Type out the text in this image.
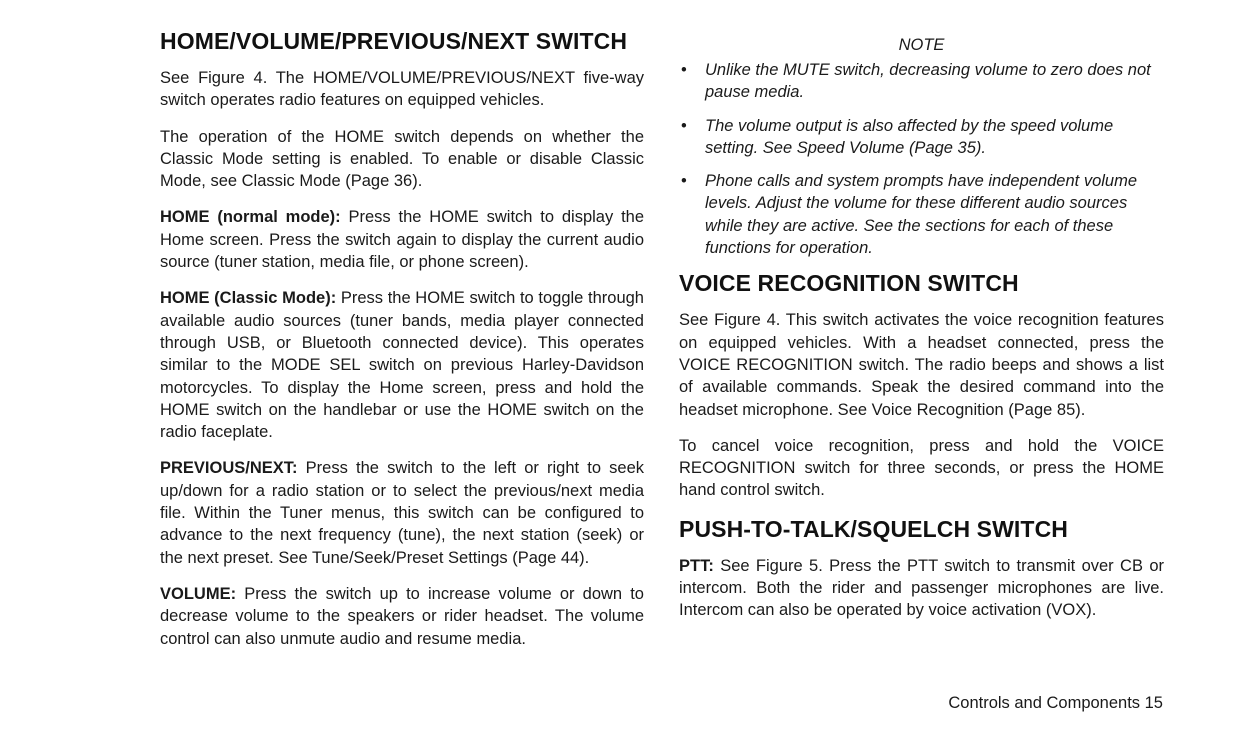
HOME/VOLUME/PREVIOUS/NEXT SWITCH

See Figure 4. The HOME/VOLUME/PREVIOUS/NEXT five-way switch operates radio features on equipped vehicles.

The operation of the HOME switch depends on whether the Classic Mode setting is enabled. To enable or disable Classic Mode, see Classic Mode (Page 36).

HOME (normal mode): Press the HOME switch to display the Home screen. Press the switch again to display the current audio source (tuner station, media file, or phone screen).

HOME (Classic Mode): Press the HOME switch to toggle through available audio sources (tuner bands, media player connected through USB, or Bluetooth connected device). This operates similar to the MODE SEL switch on previous Harley-Davidson motorcycles. To display the Home screen, press and hold the HOME switch on the handlebar or use the HOME switch on the radio faceplate.

PREVIOUS/NEXT: Press the switch to the left or right to seek up/down for a radio station or to select the previous/next media file. Within the Tuner menus, this switch can be configured to advance to the next frequency (tune), the next station (seek) or the next preset. See Tune/Seek/Preset Settings (Page 44).

VOLUME: Press the switch up to increase volume or down to decrease volume to the speakers or rider headset. The volume control can also unmute audio and resume media.

NOTE
• Unlike the MUTE switch, decreasing volume to zero does not pause media.
• The volume output is also affected by the speed volume setting. See Speed Volume (Page 35).
• Phone calls and system prompts have independent volume levels. Adjust the volume for these different audio sources while they are active. See the sections for each of these functions for operation.
VOICE RECOGNITION SWITCH

See Figure 4. This switch activates the voice recognition features on equipped vehicles. With a headset connected, press the VOICE RECOGNITION switch. The radio beeps and shows a list of available commands. Speak the desired command into the headset microphone. See Voice Recognition (Page 85).

To cancel voice recognition, press and hold the VOICE RECOGNITION switch for three seconds, or press the HOME hand control switch.

PUSH-TO-TALK/SQUELCH SWITCH

PTT: See Figure 5. Press the PTT switch to transmit over CB or intercom. Both the rider and passenger microphones are live. Intercom can also be operated by voice activation (VOX).

Controls and Components 15
